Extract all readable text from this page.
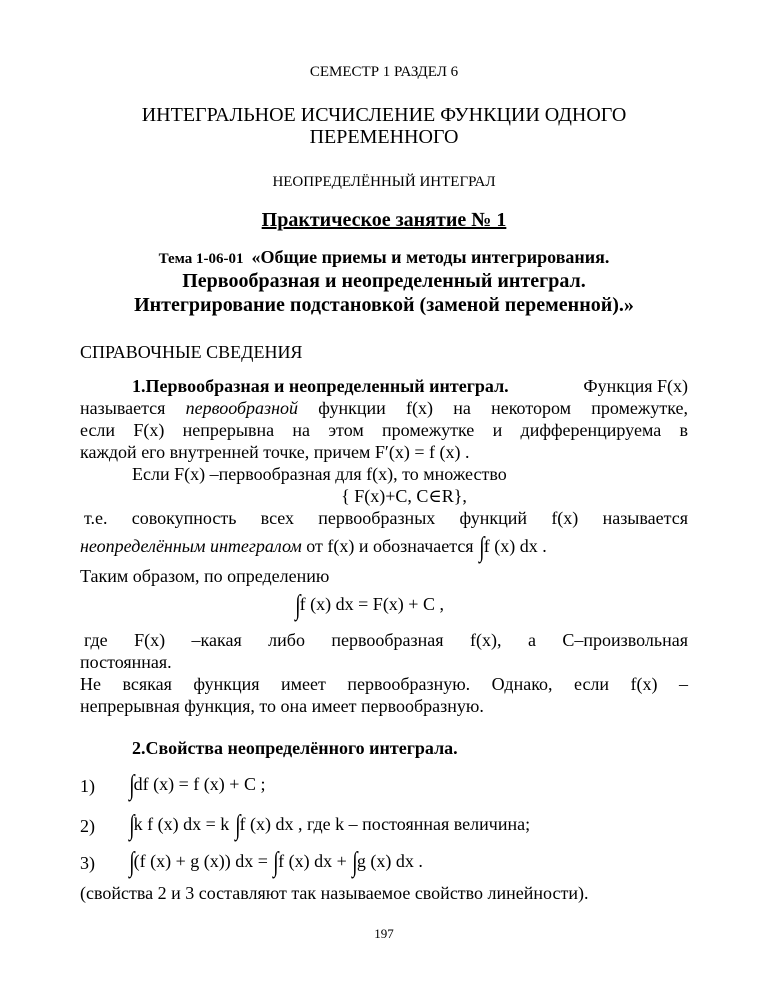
СЕМЕСТР 1 РАЗДЕЛ 6
ИНТЕГРАЛЬНОЕ ИСЧИСЛЕНИЕ ФУНКЦИИ ОДНОГО
ПЕРЕМЕННОГО
НЕОПРЕДЕЛЁННЫЙ ИНТЕГРАЛ
Практическое занятие № 1
Тема 1-06-01 «Общие приемы и методы интегрирования.
Первообразная и неопределенный интеграл.
Интегрирование подстановкой (заменой переменной).»
СПРАВОЧНЫЕ СВЕДЕНИЯ
1.Первообразная и неопределенный интеграл.	Функция F(x)
называется первообразной функции f(x) на некотором промежутке,
если F(x) непрерывна на этом промежутке и дифференцируема в
каждой его внутренней точке, причем F′(x) = f (x) .
Если F(x) –первообразная для f(x), то множество
{ F(x)+C, C∈R},
т.е. совокупность всех первообразных функций f(x) называется
неопределённым интегралом от f(x) и обозначается ∫f (x) dx .
Таким образом, по определению
∫f (x) dx = F(x) + C ,
где F(x) –какая либо первообразная f(x), а C–произвольная
постоянная.
Не всякая функция имеет первообразную. Однако, если f(x) –
непрерывная функция, то она имеет первообразную.
2.Свойства неопределённого интеграла.
1) ∫df (x) = f (x) + C ;
2) ∫k f (x) dx = k ∫f (x) dx , где k – постоянная величина;
3) ∫(f (x) + g (x)) dx = ∫f (x) dx + ∫g (x) dx .
(свойства 2 и 3 составляют так называемое свойство линейности).
197
